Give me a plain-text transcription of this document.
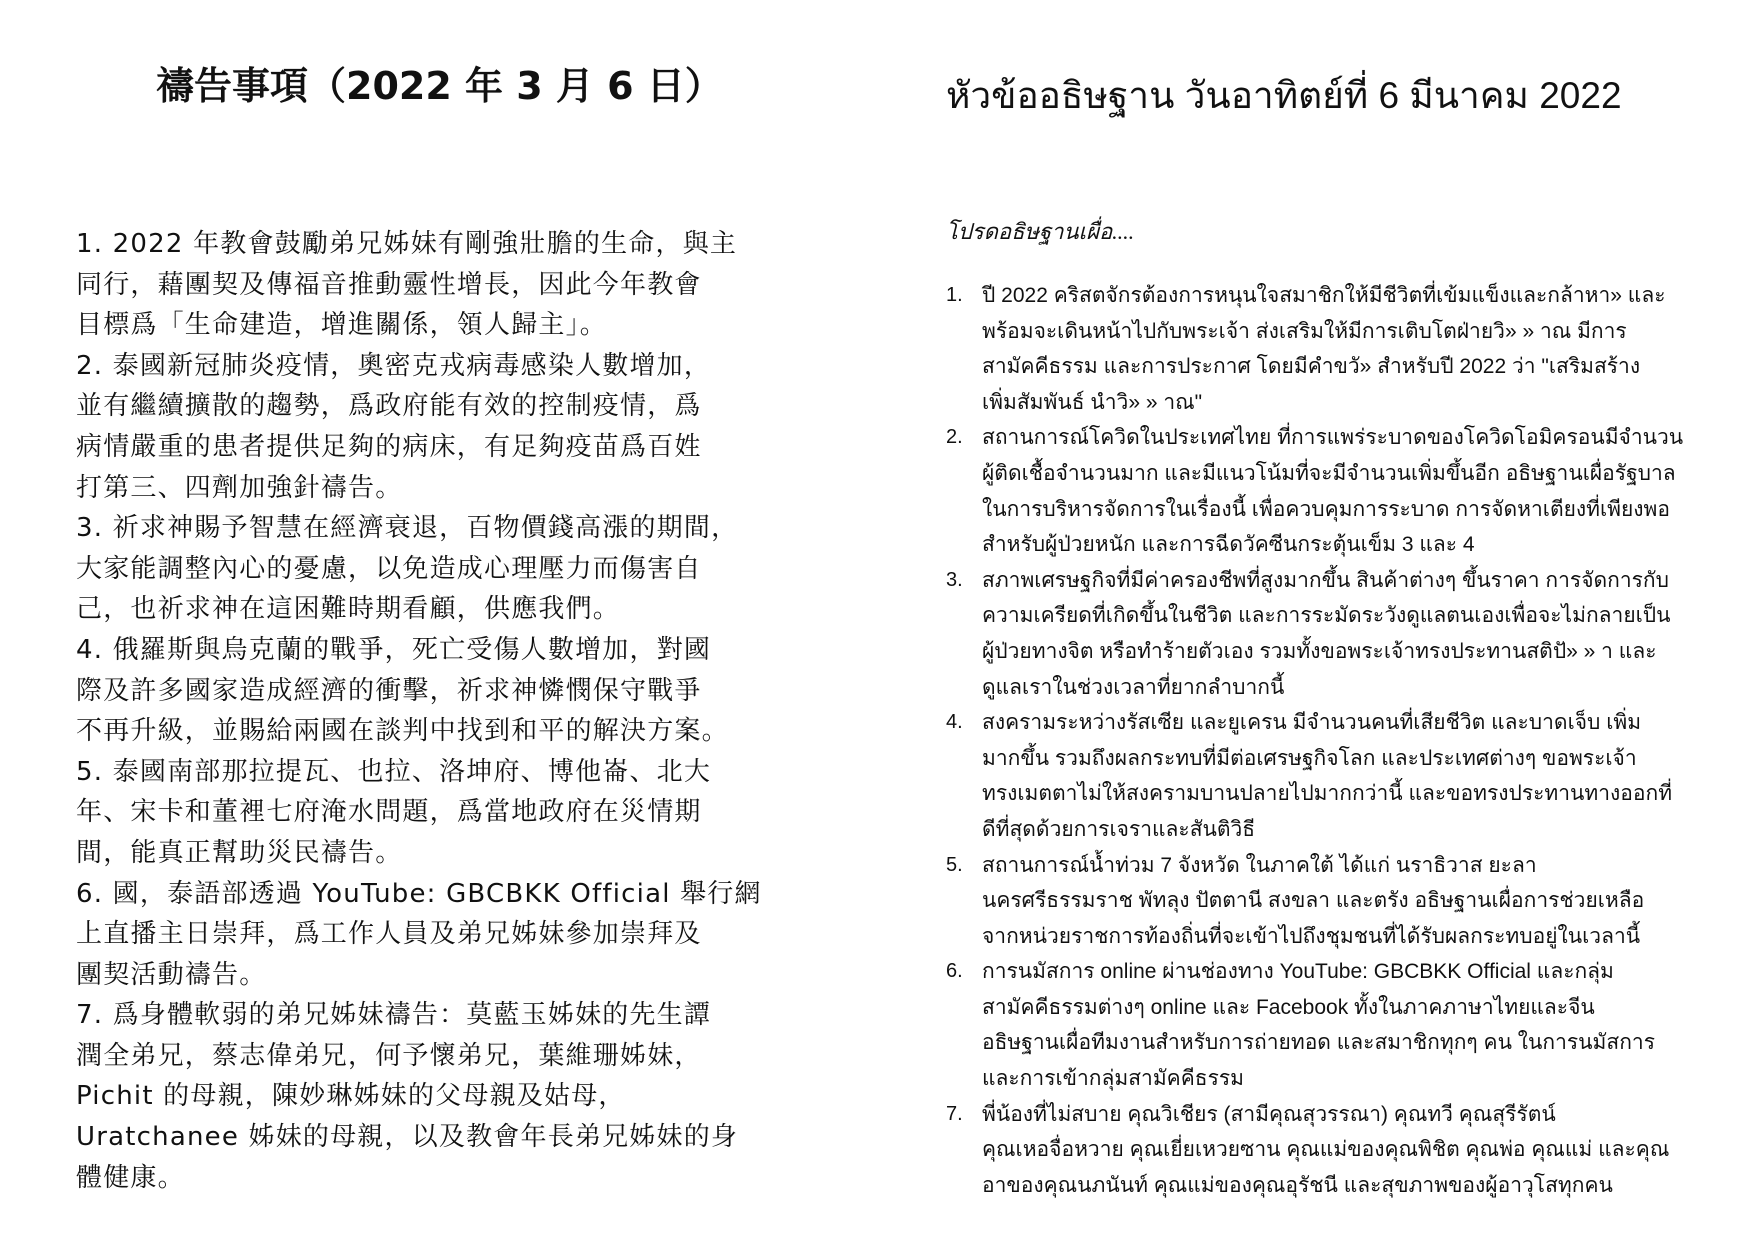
禱告事項（2022 年 3 月 6 日）
1. 2022 年教會鼓勵弟兄姊妹有剛強壯膽的生命，與主
同行，藉團契及傳福音推動靈性增長，因此今年教會
目標爲「生命建造，增進關係，領人歸主」。
2. 泰國新冠肺炎疫情，奧密克戎病毒感染人數增加，
並有繼續擴散的趨勢，爲政府能有效的控制疫情，爲
病情嚴重的患者提供足夠的病床，有足夠疫苗爲百姓
打第三、四劑加強針禱告。
3. 祈求神賜予智慧在經濟衰退，百物價錢高漲的期間，
大家能調整內心的憂慮，以免造成心理壓力而傷害自
己，也祈求神在這困難時期看顧，供應我們。
4. 俄羅斯與烏克蘭的戰爭，死亡受傷人數增加，對國
際及許多國家造成經濟的衝擊，祈求神憐憫保守戰爭
不再升級，並賜給兩國在談判中找到和平的解決方案。
5. 泰國南部那拉提瓦、也拉、洛坤府、博他崙、北大
年、宋卡和董裡七府淹水問題，爲當地政府在災情期
間，能真正幫助災民禱告。
6. 國，泰語部透過 YouTube: GBCBKK Official 舉行網
上直播主日崇拜，爲工作人員及弟兄姊妹參加崇拜及
團契活動禱告。
7. 爲身體軟弱的弟兄姊妹禱告：莫藍玉姊妹的先生譚
潤全弟兄，蔡志偉弟兄，何予懷弟兄，葉維珊姊妹，
Pichit 的母親，陳妙琳姊妹的父母親及姑母，
Uratchanee 姊妹的母親，以及教會年長弟兄姊妹的身
體健康。
หัวข้ออธิษฐาน วันอาทิตย์ที่ 6 มีนาคม 2022
โปรดอธิษฐานเผื่อ....
1. ปี 2022 คริสตจักรต้องการหนุนใจสมาชิกให้มีชีวิตที่เข้มแข็งและกล้าหา» และ
พร้อมจะเดินหน้าไปกับพระเจ้า ส่งเสริมให้มีการเติบโตฝ่ายวิ» » าณ มีการ
สามัคคีธรรม และการประกาศ โดยมีคำขวั» สำหรับปี 2022 ว่า "เสริมสร้าง
เพิ่มสัมพันธ์ นำวิ» » าณ"
2. สถานการณ์โควิดในประเทศไทย ที่การแพร่ระบาดของโควิดโอมิครอนมีจำนวน
ผู้ติดเชื้อจำนวนมาก และมีแนวโน้มที่จะมีจำนวนเพิ่มขึ้นอีก อธิษฐานเผื่อรัฐบาล
ในการบริหารจัดการในเรื่องนี้ เพื่อควบคุมการระบาด การจัดหาเตียงที่เพียงพอ
สำหรับผู้ป่วยหนัก และการฉีดวัคซีนกระตุ้นเข็ม 3 และ 4
3. สภาพเศรษฐกิจที่มีค่าครองชีพที่สูงมากขึ้น สินค้าต่างๆ ขึ้นราคา การจัดการกับ
ความเครียดที่เกิดขึ้นในชีวิต และการระมัดระวังดูแลตนเองเพื่อจะไม่กลายเป็น
ผู้ป่วยทางจิต หรือทำร้ายตัวเอง รวมทั้งขอพระเจ้าทรงประทานสติปั» » า และ
ดูแลเราในช่วงเวลาที่ยากลำบากนี้
4. สงครามระหว่างรัสเซีย และยูเครน มีจำนวนคนที่เสียชีวิต และบาดเจ็บ เพิ่ม
มากขึ้น รวมถึงผลกระทบที่มีต่อเศรษฐกิจโลก และประเทศต่างๆ ขอพระเจ้า
ทรงเมตตาไม่ให้สงครามบานปลายไปมากกว่านี้ และขอทรงประทานทางออกที่
ดีที่สุดด้วยการเจราและสันติวิธี
5. สถานการณ์น้ำท่วม 7 จังหวัด ในภาคใต้ ได้แก่ นราธิวาส ยะลา
นครศรีธรรมราช พัทลุง ปัตตานี สงขลา และตรัง อธิษฐานเผื่อการช่วยเหลือ
จากหน่วยราชการท้องถิ่นที่จะเข้าไปถึงชุมชนที่ได้รับผลกระทบอยู่ในเวลานี้
6. การนมัสการ online ผ่านช่องทาง YouTube: GBCBKK Official และกลุ่ม
สามัคคีธรรมต่างๆ online และ Facebook ทั้งในภาคภาษาไทยและจีน
อธิษฐานเผื่อทีมงานสำหรับการถ่ายทอด และสมาชิกทุกๆ คน ในการนมัสการ
และการเข้ากลุ่มสามัคคีธรรม
7. พี่น้องที่ไม่สบาย คุณวิเชียร (สามีคุณสุวรรณา) คุณทวี คุณสุรีรัตน์
คุณเหอจื่อหวาย คุณเยี่ยเหวยซาน คุณแม่ของคุณพิชิต คุณพ่อ คุณแม่ และคุณ
อาของคุณนภนันท์ คุณแม่ของคุณอุรัชนี และสุขภาพของผู้อาวุโสทุกคน
